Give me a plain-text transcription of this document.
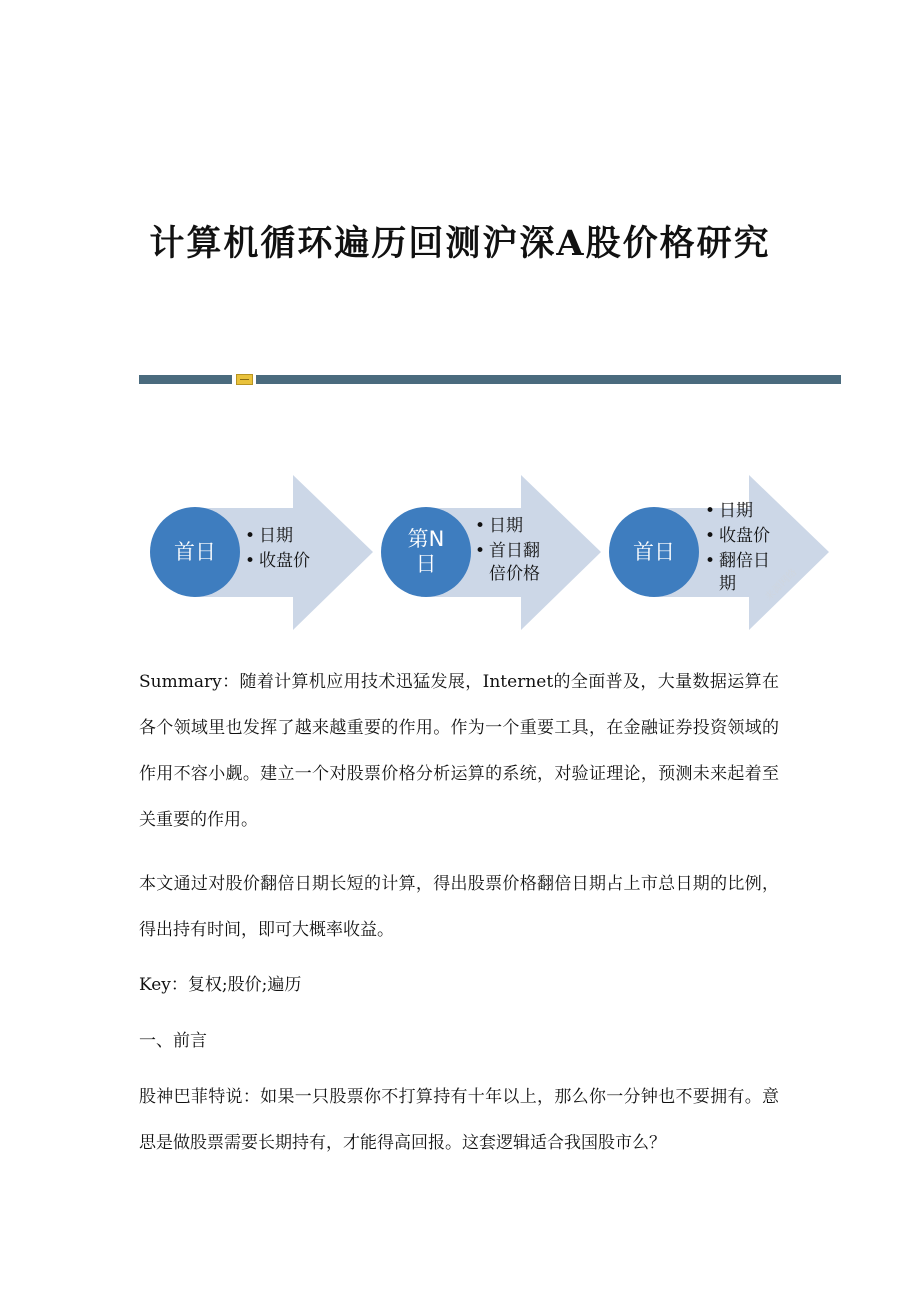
计算机循环遍历回测沪深A股价格研究
首日
• 日期
• 收盘价
第N
日
• 日期
• 首日翻倍价格
首日
• 日期
• 收盘价
• 翻倍日期	来源网络
Summary：随着计算机应用技术迅猛发展，Internet的全面普及，大量数据运算在各个领域里也发挥了越来越重要的作用。作为一个重要工具，在金融证券投资领域的作用不容小觑。建立一个对股票价格分析运算的系统，对验证理论，预测未来起着至关重要的作用。
本文通过对股价翻倍日期长短的计算，得出股票价格翻倍日期占上市总日期的比例，得出持有时间，即可大概率收益。
Key：复权;股价;遍历
一、前言
股神巴菲特说：如果一只股票你不打算持有十年以上，那么你一分钟也不要拥有。意思是做股票需要长期持有，才能得高回报。这套逻辑适合我国股市么？
